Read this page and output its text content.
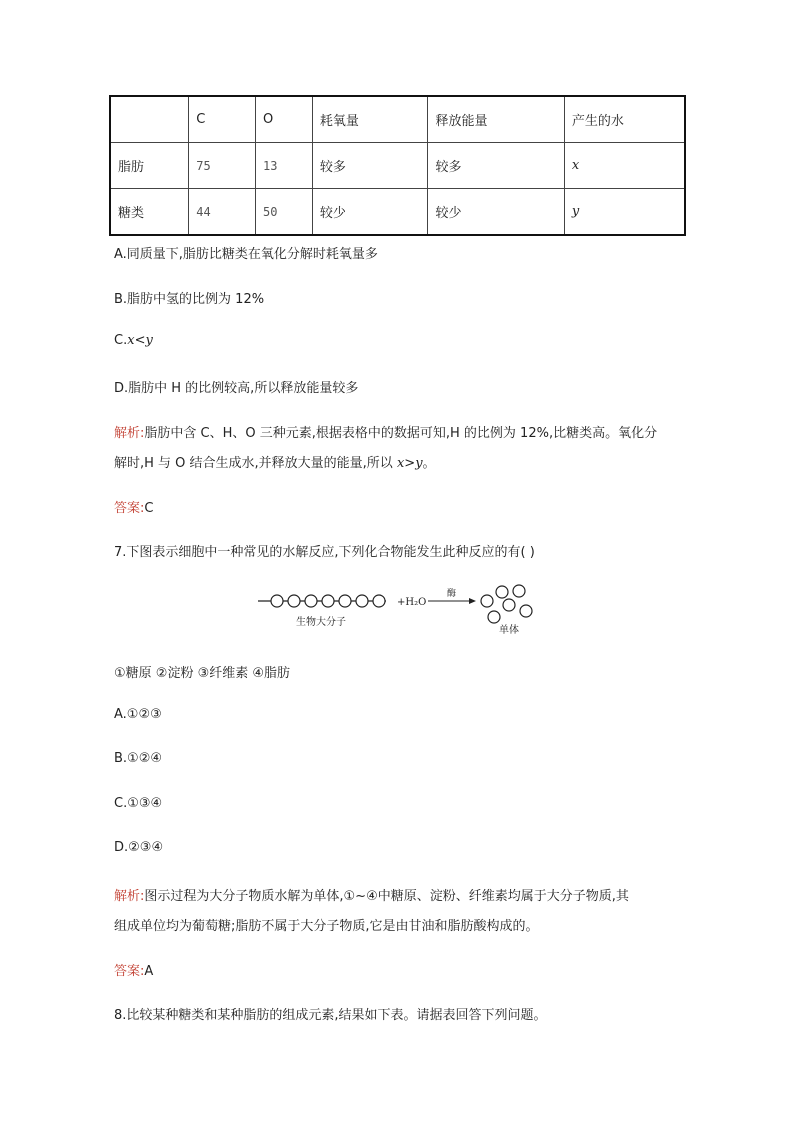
	C	O	耗氧量	释放能量	产生的水
脂肪	75	13	较多	较多	x
糖类	44	50	较少	较少	y
A.同质量下,脂肪比糖类在氧化分解时耗氧量多
B.脂肪中氢的比例为 12%
C.x<y
D.脂肪中 H 的比例较高,所以释放能量较多
解析:脂肪中含 C、H、O 三种元素,根据表格中的数据可知,H 的比例为 12%,比糖类高。氧化分
解时,H 与 O 结合生成水,并释放大量的能量,所以 x>y。
答案:C
7.下图表示细胞中一种常见的水解反应,下列化合物能发生此种反应的有( )
+H₂O
酶
生物大分子
单体
①糖原 ②淀粉 ③纤维素 ④脂肪
A.①②③
B.①②④
C.①③④
D.②③④
解析:图示过程为大分子物质水解为单体,①~④中糖原、淀粉、纤维素均属于大分子物质,其
组成单位均为葡萄糖;脂肪不属于大分子物质,它是由甘油和脂肪酸构成的。
答案:A
8.比较某种糖类和某种脂肪的组成元素,结果如下表。请据表回答下列问题。
